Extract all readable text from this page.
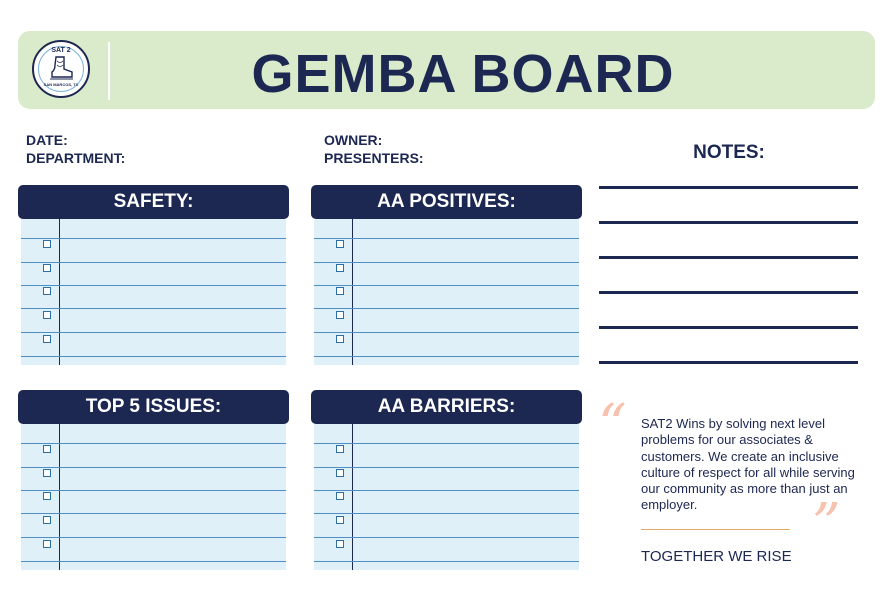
SAT 2
SAN MARCOS, TX	GEMBA BOARD
DATE:
DEPARTMENT:
OWNER:
PRESENTERS:	NOTES:
SAFETY:	AA POSITIVES:
TOP 5 ISSUES:	AA BARRIERS:	“ SAT2 Wins by solving next level problems for our associates & customers. We create an inclusive culture of respect for all while serving our community as more than just an employer.	”
TOGETHER WE RISE
